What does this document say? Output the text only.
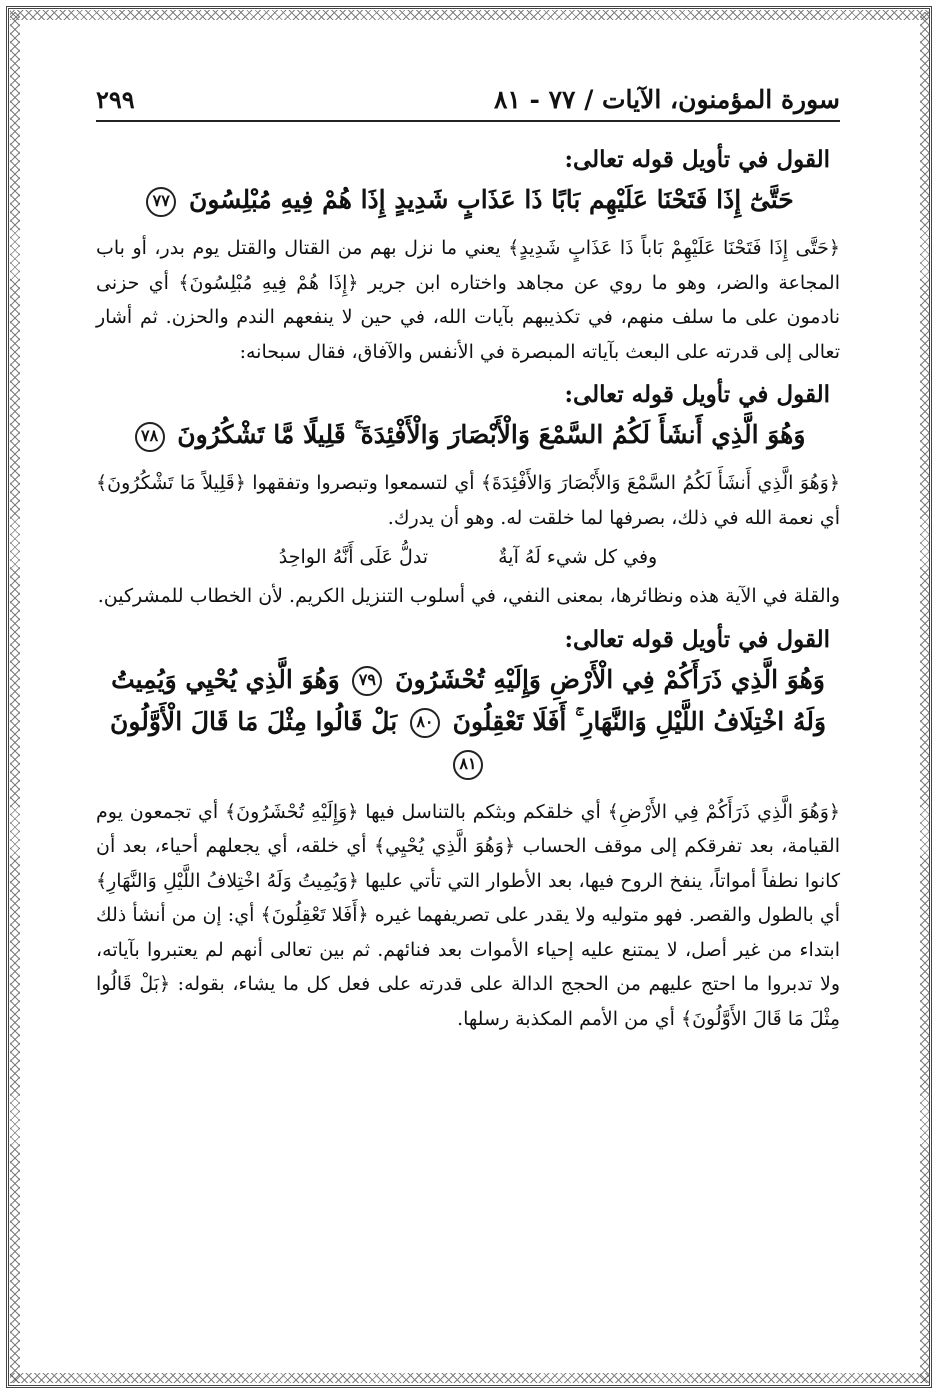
سورة المؤمنون، الآيات / ٧٧ - ٨١
٢٩٩
القول في تأويل قوله تعالى:
حَتَّىٰٓ إِذَا فَتَحْنَا عَلَيْهِم بَابًا ذَا عَذَابٍ شَدِيدٍ إِذَا هُمْ فِيهِ مُبْلِسُونَ ٧٧

﴿حَتَّى إِذَا فَتَحْنَا عَلَيْهِمْ بَاباً ذَا عَذَابٍ شَدِيدٍ﴾ يعني ما نزل بهم من القتال والقتل يوم بدر، أو باب المجاعة والضر، وهو ما روي عن مجاهد واختاره ابن جرير ﴿إِذَا هُمْ فِيهِ مُبْلِسُونَ﴾ أي حزنى نادمون على ما سلف منهم، في تكذيبهم بآيات الله، في حين لا ينفعهم الندم والحزن. ثم أشار تعالى إلى قدرته على البعث بآياته المبصرة في الأنفس والآفاق، فقال سبحانه:

القول في تأويل قوله تعالى:
وَهُوَ الَّذِي أَنشَأَ لَكُمُ السَّمْعَ وَالْأَبْصَارَ وَالْأَفْئِدَةَ ۚ قَلِيلًا مَّا تَشْكُرُونَ ٧٨

﴿وَهُوَ الَّذِي أَنشَأَ لَكُمُ السَّمْعَ وَالأَبْصَارَ وَالأَفْئِدَةَ﴾ أي لتسمعوا وتبصروا وتفقهوا ﴿قَلِيلاً مَا تَشْكُرُونَ﴾ أي نعمة الله في ذلك، بصرفها لما خلقت له. وهو أن يدرك.

وفي كل شيء لَهُ آيةٌ
تدلُّ عَلَى أَنَّهُ الواحِدُ

والقلة في الآية هذه ونظائرها، بمعنى النفي، في أسلوب التنزيل الكريم. لأن الخطاب للمشركين.

القول في تأويل قوله تعالى:
وَهُوَ الَّذِي ذَرَأَكُمْ فِي الْأَرْضِ وَإِلَيْهِ تُحْشَرُونَ ٧٩ وَهُوَ الَّذِي يُحْيِي وَيُمِيتُ وَلَهُ اخْتِلَافُ اللَّيْلِ وَالنَّهَارِ ۚ أَفَلَا تَعْقِلُونَ ٨٠ بَلْ قَالُوا مِثْلَ مَا قَالَ الْأَوَّلُونَ ٨١

﴿وَهُوَ الَّذِي ذَرَأَكُمْ فِي الأَرْضِ﴾ أي خلقكم وبثكم بالتناسل فيها ﴿وَإِلَيْهِ تُحْشَرُونَ﴾ أي تجمعون يوم القيامة، بعد تفرقكم إلى موقف الحساب ﴿وَهُوَ الَّذِي يُحْيِي﴾ أي خلقه، أي يجعلهم أحياء، بعد أن كانوا نطفاً أمواتاً، ينفخ الروح فيها، بعد الأطوار التي تأتي عليها ﴿وَيُمِيتُ وَلَهُ اخْتِلافُ اللَّيْلِ وَالنَّهَارِ﴾ أي بالطول والقصر. فهو متوليه ولا يقدر على تصريفهما غيره ﴿أَفَلا تَعْقِلُونَ﴾ أي: إن من أنشأ ذلك ابتداء من غير أصل، لا يمتنع عليه إحياء الأموات بعد فنائهم. ثم بين تعالى أنهم لم يعتبروا بآياته، ولا تدبروا ما احتج عليهم من الحجج الدالة على قدرته على فعل كل ما يشاء، بقوله: ﴿بَلْ قَالُوا مِثْلَ مَا قَالَ الأَوَّلُونَ﴾ أي من الأمم المكذبة رسلها.
